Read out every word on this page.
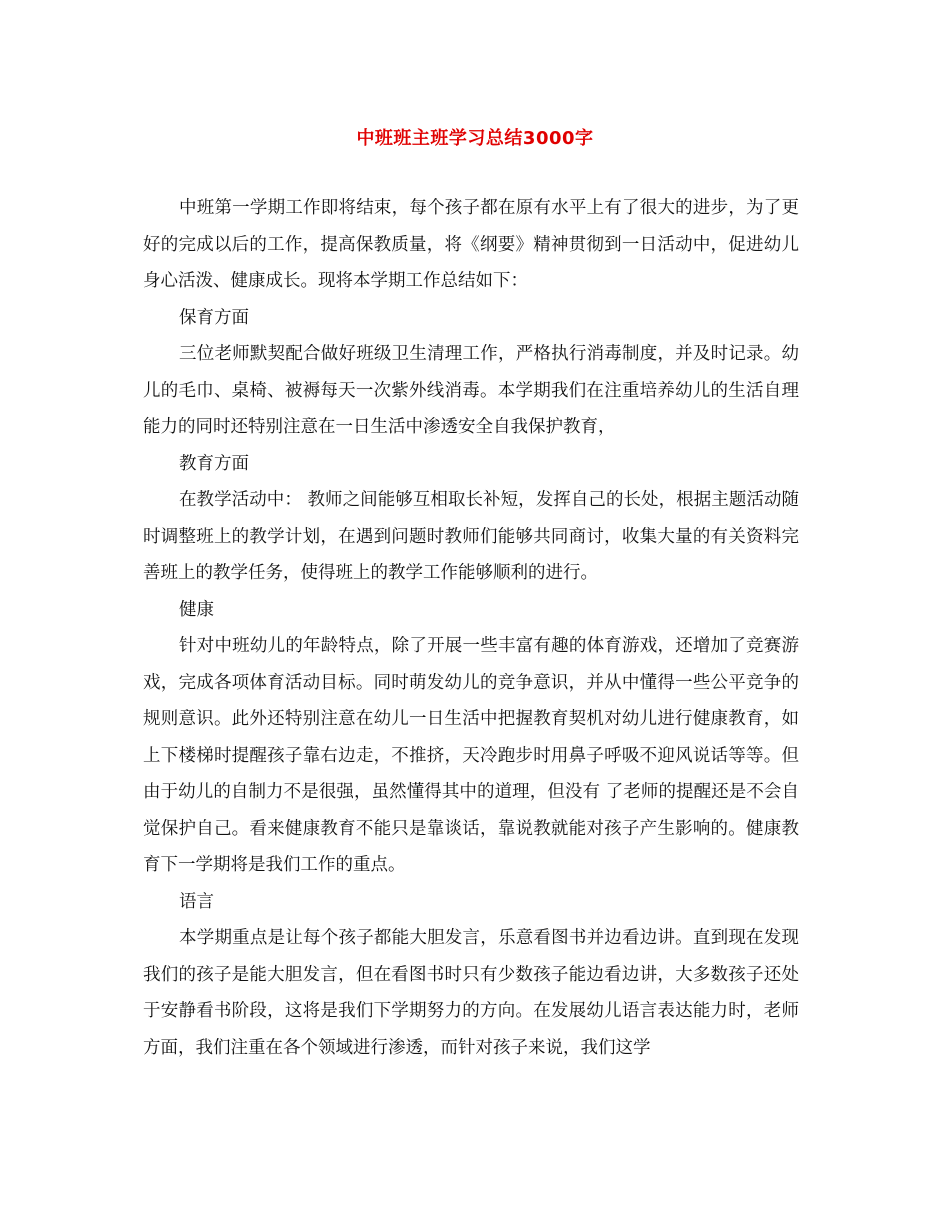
中班班主班学习总结3000字

中班第一学期工作即将结束，每个孩子都在原有水平上有了很大的进步，为了更好的完成以后的工作，提高保教质量，将《纲要》精神贯彻到一日活动中，促进幼儿身心活泼、健康成长。现将本学期工作总结如下：

保育方面

三位老师默契配合做好班级卫生清理工作，严格执行消毒制度，并及时记录。幼儿的毛巾、桌椅、被褥每天一次紫外线消毒。本学期我们在注重培养幼儿的生活自理能力的同时还特别注意在一日生活中渗透安全自我保护教育，

教育方面

在教学活动中： 教师之间能够互相取长补短，发挥自己的长处，根据主题活动随时调整班上的教学计划，在遇到问题时教师们能够共同商讨，收集大量的有关资料完善班上的教学任务，使得班上的教学工作能够顺利的进行。

健康

针对中班幼儿的年龄特点，除了开展一些丰富有趣的体育游戏，还增加了竞赛游戏，完成各项体育活动目标。同时萌发幼儿的竞争意识，并从中懂得一些公平竞争的规则意识。此外还特别注意在幼儿一日生活中把握教育契机对幼儿进行健康教育，如上下楼梯时提醒孩子靠右边走，不推挤，天冷跑步时用鼻子呼吸不迎风说话等等。但由于幼儿的自制力不是很强，虽然懂得其中的道理，但没有 了老师的提醒还是不会自觉保护自己。看来健康教育不能只是靠谈话，靠说教就能对孩子产生影响的。健康教育下一学期将是我们工作的重点。

语言

本学期重点是让每个孩子都能大胆发言，乐意看图书并边看边讲。直到现在发现我们的孩子是能大胆发言，但在看图书时只有少数孩子能边看边讲，大多数孩子还处于安静看书阶段，这将是我们下学期努力的方向。在发展幼儿语言表达能力时，老师方面，我们注重在各个领域进行渗透，而针对孩子来说，我们这学
